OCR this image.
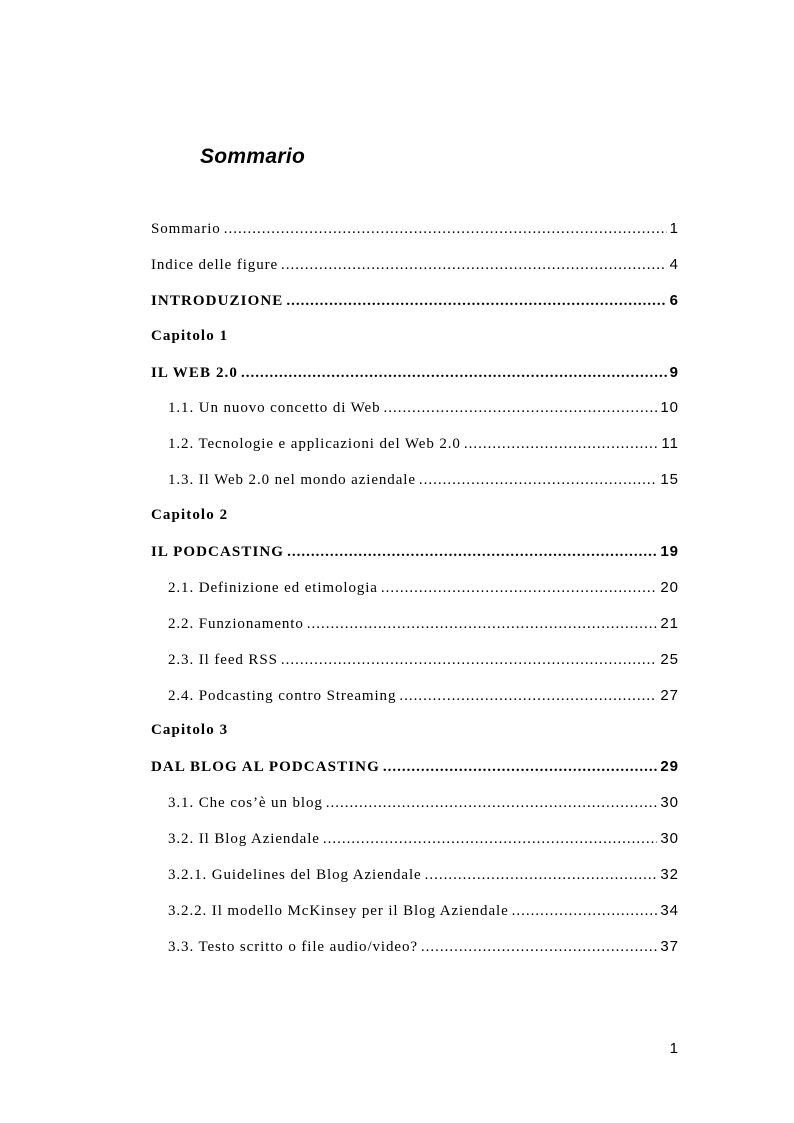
Sommario
Sommario .....	1
Indice delle figure .....	4
INTRODUZIONE .....	6
Capitolo 1
IL WEB 2.0 .....	9
1.1. Un nuovo concetto di Web .....	10
1.2. Tecnologie e applicazioni del Web 2.0 .....	11
1.3. Il Web 2.0 nel mondo aziendale .....	15
Capitolo 2
IL PODCASTING .....	19
2.1. Definizione ed etimologia .....	20
2.2. Funzionamento .....	21
2.3. Il feed RSS .....	25
2.4. Podcasting contro Streaming .....	27
Capitolo 3
DAL BLOG AL PODCASTING .....	29
3.1. Che cos’è un blog .....	30
3.2. Il Blog Aziendale .....	30
3.2.1. Guidelines del Blog Aziendale .....	32
3.2.2. Il modello McKinsey per il Blog Aziendale .....	34
3.3. Testo scritto o file audio/video? .....	37
1
